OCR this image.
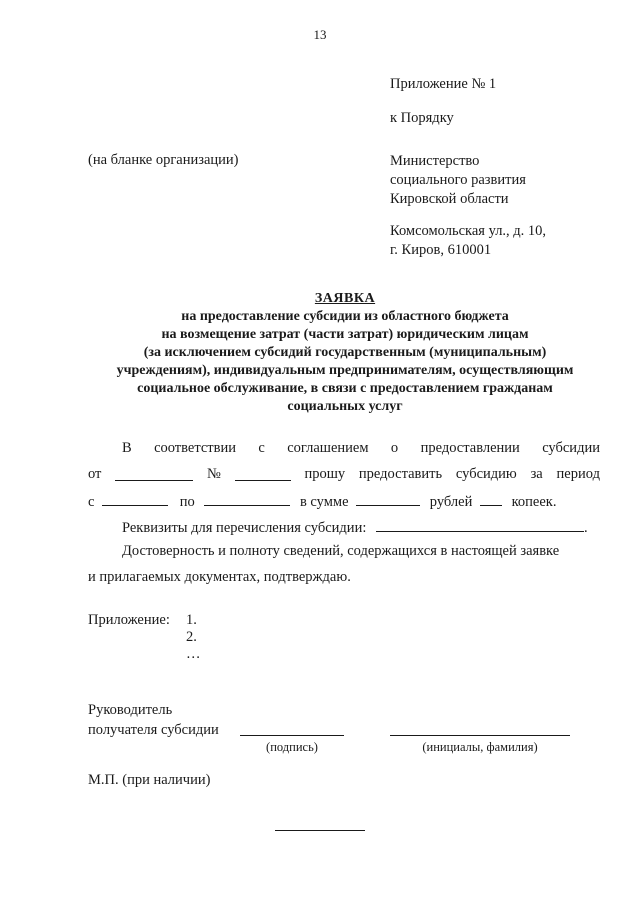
13
Приложение № 1
к Порядку
(на бланке организации)	Министерство
социального развития
Кировской области
Комсомольская ул., д. 10,
г. Киров, 610001
ЗАЯВКА
на предоставление субсидии из областного бюджета
на возмещение затрат (части затрат) юридическим лицам
(за исключением субсидий государственным (муниципальным)
учреждениям), индивидуальным предпринимателям, осуществляющим
социальное обслуживание, в связи с предоставлением гражданам
социальных услуг
В соответствии с соглашением о предоставлении субсидии
от	№	прошу предоставить субсидию за период
с	по	в сумме	рублей	копеек.
Реквизиты для перечисления субсидии:	.
Достоверность и полноту сведений, содержащихся в настоящей заявке
и прилагаемых документах, подтверждаю.
Приложение: 1.
2.
…
Руководитель
получателя субсидии
(подпись)	(инициалы, фамилия)
М.П. (при наличии)
